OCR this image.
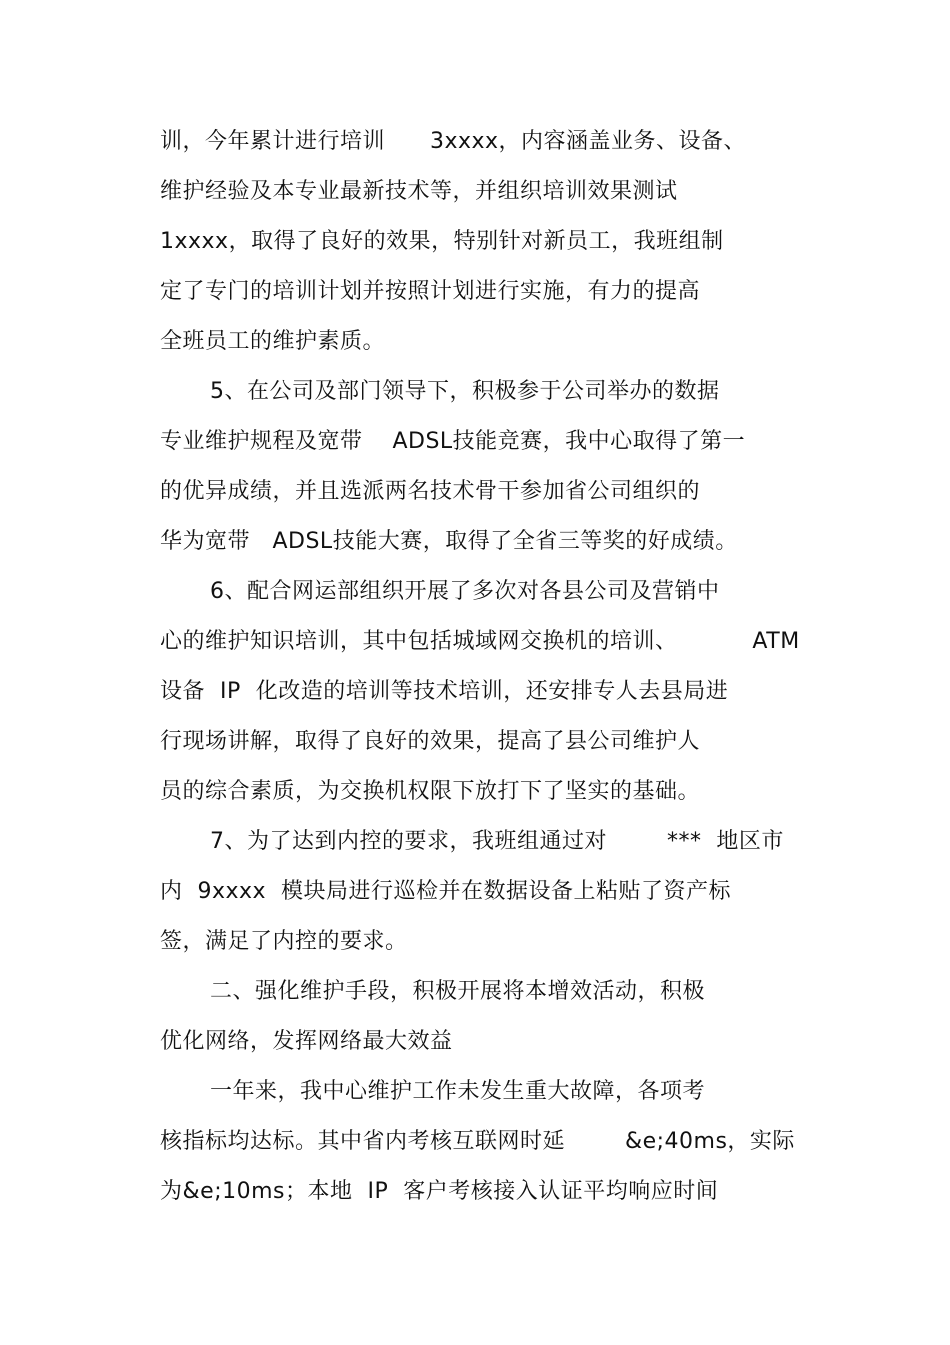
训，今年累计进行培训      3xxxx，内容涵盖业务、设备、
维护经验及本专业最新技术等，并组织培训效果测试
1xxxx，取得了良好的效果，特别针对新员工，我班组制
定了专门的培训计划并按照计划进行实施，有力的提高
全班员工的维护素质。
5、在公司及部门领导下，积极参于公司举办的数据
专业维护规程及宽带    ADSL技能竞赛，我中心取得了第一
的优异成绩，并且选派两名技术骨干参加省公司组织的
华为宽带   ADSL技能大赛，取得了全省三等奖的好成绩。
6、配合网运部组织开展了多次对各县公司及营销中
心的维护知识培训，其中包括城域网交换机的培训、          ATM
设备  IP  化改造的培训等技术培训，还安排专人去县局进
行现场讲解，取得了良好的效果，提高了县公司维护人
员的综合素质，为交换机权限下放打下了坚实的基础。
7、为了达到内控的要求，我班组通过对        ***  地区市
内  9xxxx  模块局进行巡检并在数据设备上粘贴了资产标
签，满足了内控的要求。
二、强化维护手段，积极开展将本增效活动，积极
优化网络，发挥网络最大效益
一年来，我中心维护工作未发生重大故障，各项考
核指标均达标。其中省内考核互联网时延        &e;40ms，实际
为&e;10ms；本地  IP  客户考核接入认证平均响应时间
